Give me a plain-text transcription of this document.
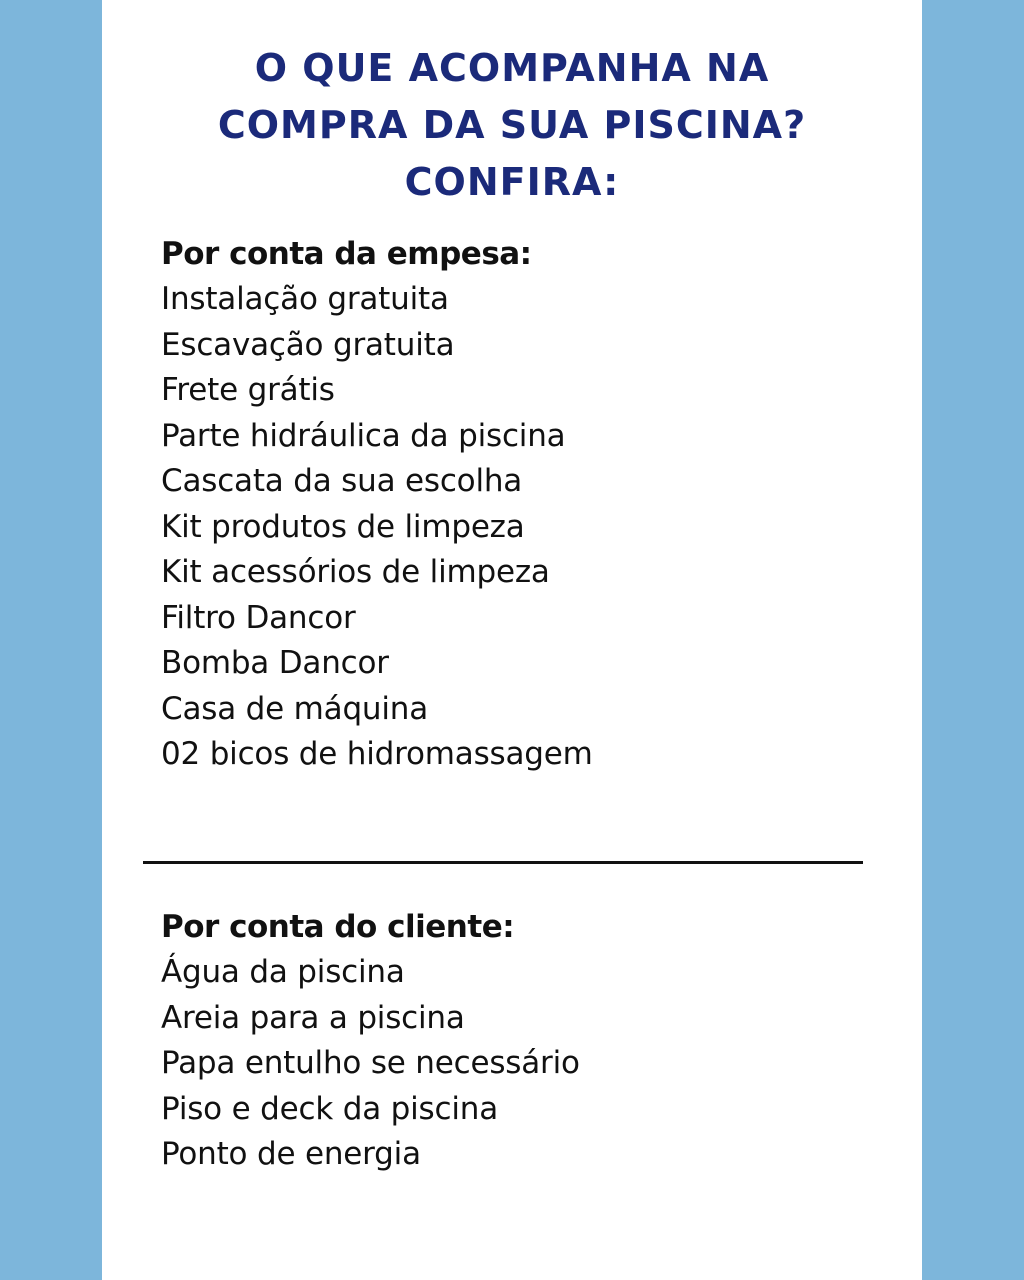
O QUE ACOMPANHA NA
COMPRA DA SUA PISCINA?
CONFIRA:
Por conta da empesa:
Instalação gratuita
Escavação gratuita
Frete grátis
Parte hidráulica da piscina
Cascata da sua escolha
Kit produtos de limpeza
Kit acessórios de limpeza
Filtro Dancor
Bomba Dancor
Casa de máquina
02 bicos de hidromassagem
Por conta do cliente:
Água da piscina
Areia para a piscina
Papa entulho se necessário
Piso e deck da piscina
Ponto de energia
